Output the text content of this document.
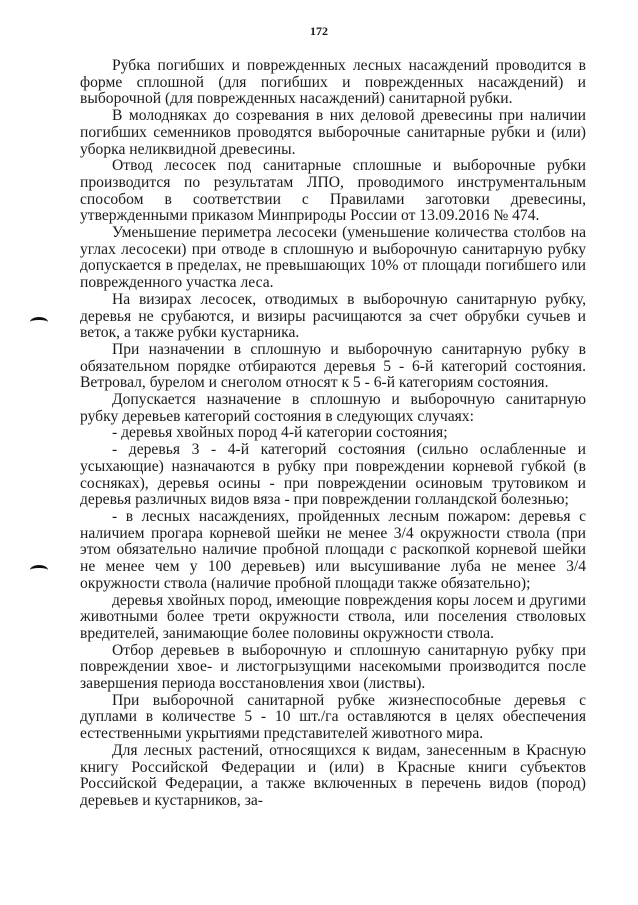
172

Рубка погибших и поврежденных лесных насаждений проводится в форме сплошной (для погибших и поврежденных насаждений) и выборочной (для поврежденных насаждений) санитарной рубки.

В молодняках до созревания в них деловой древесины при наличии погибших семенников проводятся выборочные санитарные рубки и (или) уборка неликвидной древесины.

Отвод лесосек под санитарные сплошные и выборочные рубки производится по результатам ЛПО, проводимого инструментальным способом в соответствии с Правилами заготовки древесины, утвержденными приказом Минприроды России от 13.09.2016 № 474.

Уменьшение периметра лесосеки (уменьшение количества столбов на углах лесосеки) при отводе в сплошную и выборочную санитарную рубку допускается в пределах, не превышающих 10% от площади погибшего или поврежденного участка леса.

На визирах лесосек, отводимых в выборочную санитарную рубку, деревья не срубаются, и визиры расчищаются за счет обрубки сучьев и веток, а также рубки кустарника.

При назначении в сплошную и выборочную санитарную рубку в обязательном порядке отбираются деревья 5 - 6-й категорий состояния. Ветровал, бурелом и снеголом относят к 5 - 6-й категориям состояния.

Допускается назначение в сплошную и выборочную санитарную рубку деревьев категорий состояния в следующих случаях:

- деревья хвойных пород 4-й категории состояния;

- деревья 3 - 4-й категорий состояния (сильно ослабленные и усыхающие) назначаются в рубку при повреждении корневой губкой (в сосняках), деревья осины - при повреждении осиновым трутовиком и деревья различных видов вяза - при повреждении голландской болезнью;

- в лесных насаждениях, пройденных лесным пожаром: деревья с наличием прогара корневой шейки не менее 3/4 окружности ствола (при этом обязательно наличие пробной площади с раскопкой корневой шейки не менее чем у 100 деревьев) или высушивание луба не менее 3/4 окружности ствола (наличие пробной площади также обязательно);

деревья хвойных пород, имеющие повреждения коры лосем и другими животными более трети окружности ствола, или поселения стволовых вредителей, занимающие более половины окружности ствола.

Отбор деревьев в выборочную и сплошную санитарную рубку при повреждении хвое- и листогрызущими насекомыми производится после завершения периода восстановления хвои (листвы).

При выборочной санитарной рубке жизнеспособные деревья с дуплами в количестве 5 - 10 шт./га оставляются в целях обеспечения естественными укрытиями представителей животного мира.

Для лесных растений, относящихся к видам, занесенным в Красную книгу Российской Федерации и (или) в Красные книги субъектов Российской Федерации, а также включенных в перечень видов (пород) деревьев и кустарников, за-
